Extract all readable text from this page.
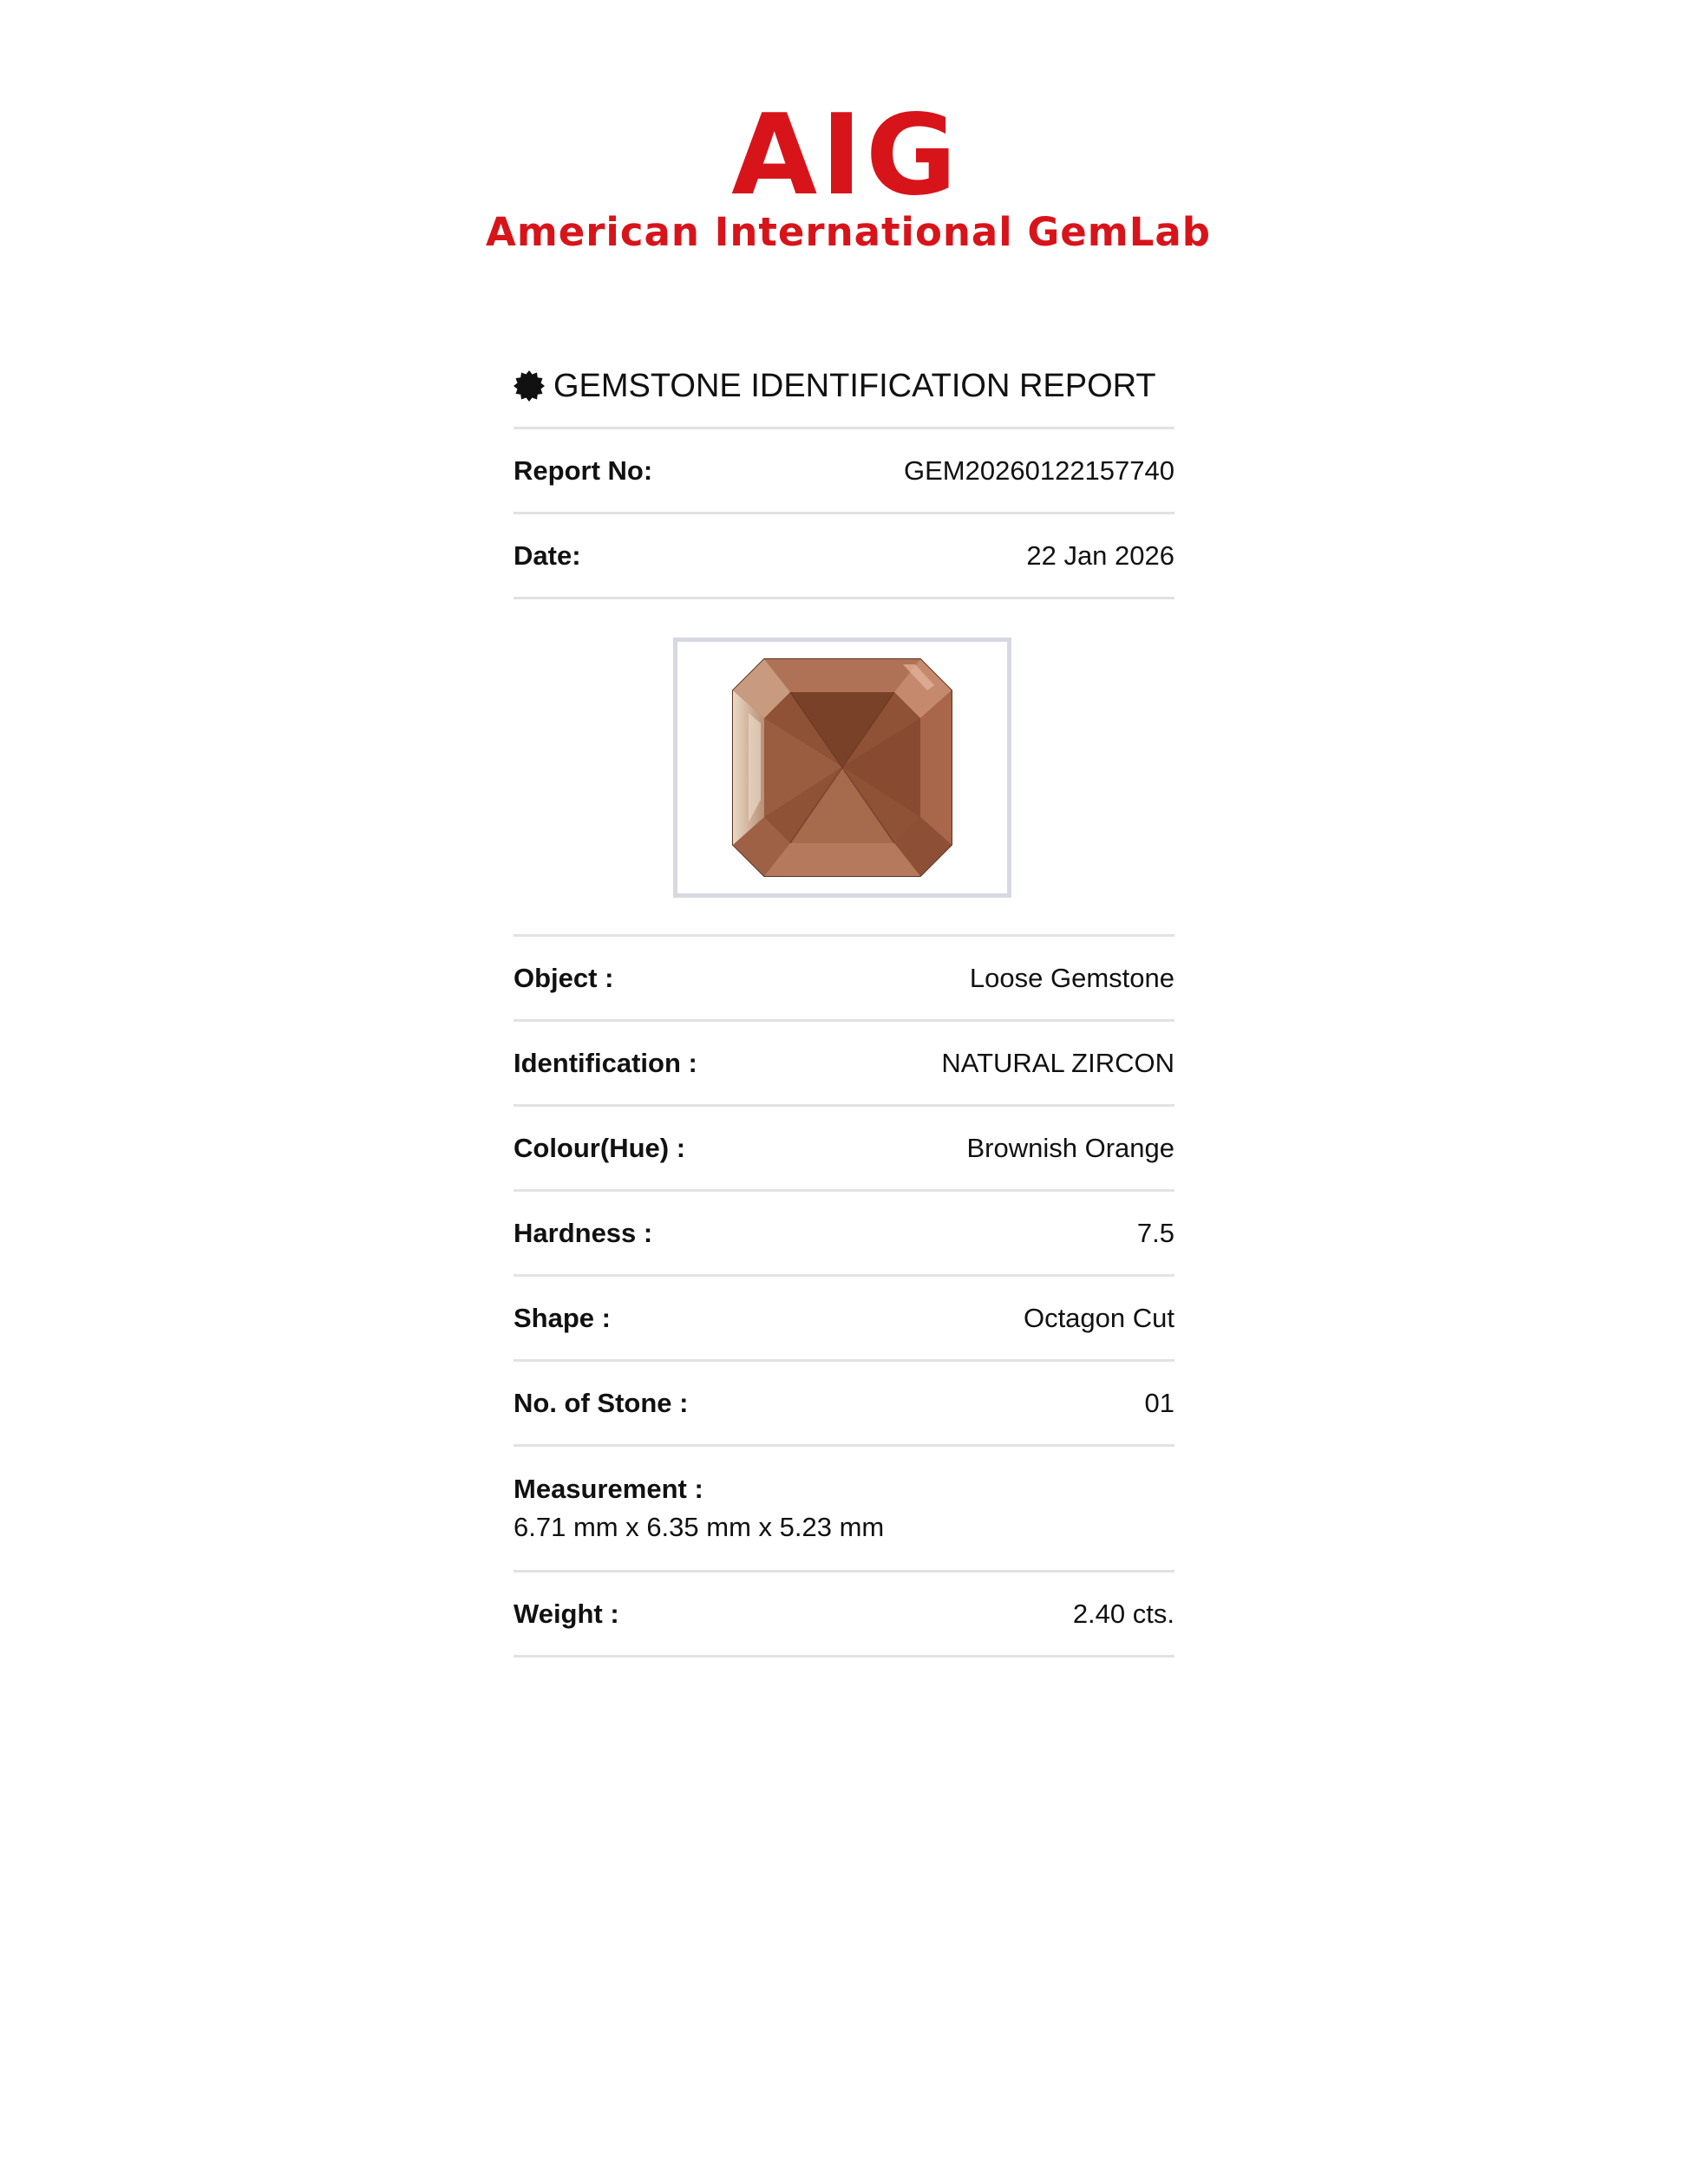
AIG
American International GemLab
GEMSTONE IDENTIFICATION REPORT
Report No:	GEM20260122157740
Date:	22 Jan 2026
Object :	Loose Gemstone
Identification :	NATURAL ZIRCON
Colour(Hue) :	Brownish Orange
Hardness :	7.5
Shape :	Octagon Cut
No. of Stone :	01
Measurement :
6.71 mm x 6.35 mm x 5.23 mm
Weight :	2.40 cts.
